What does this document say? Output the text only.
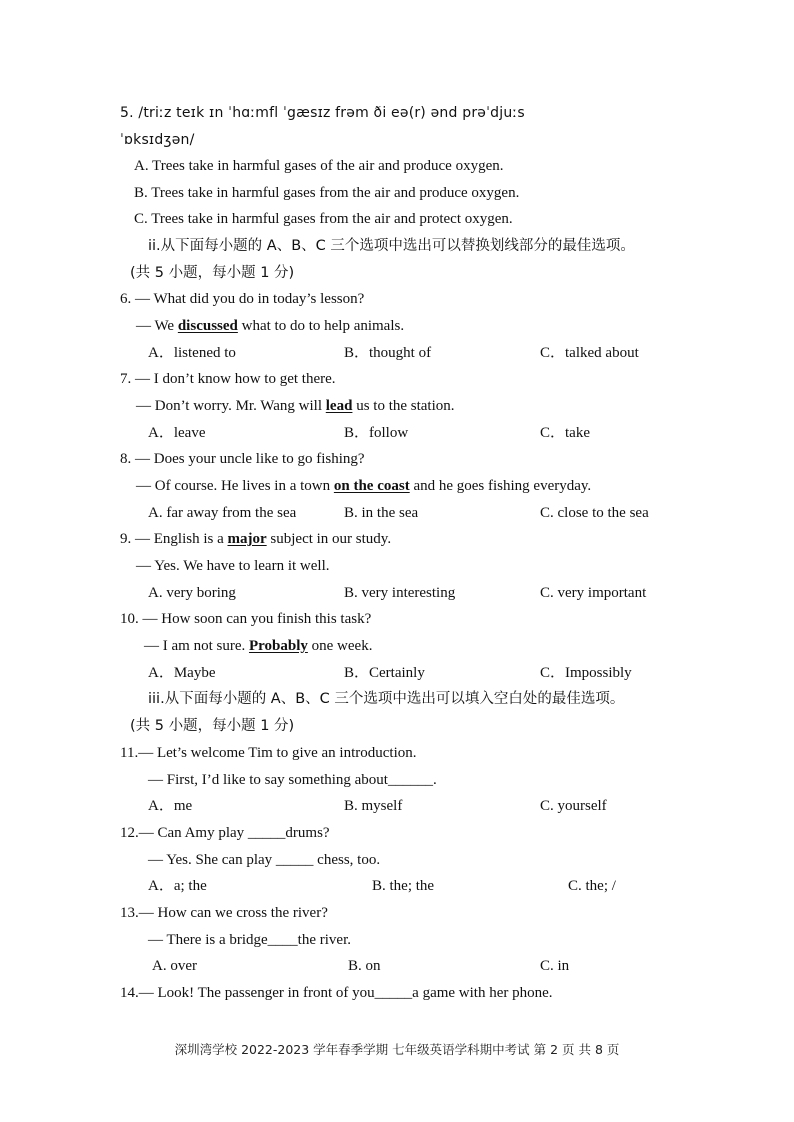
5. /triːz teɪk ɪn ˈhɑːmfl ˈgæsɪz frəm ði eə(r) ənd prəˈdjuːs
ˈɒksɪdʒən/
A. Trees take in harmful gases of the air and produce oxygen.
B. Trees take in harmful gases from the air and produce oxygen.
C. Trees take in harmful gases from the air and protect oxygen.
ii.从下面每小题的 A、B、C 三个选项中选出可以替换划线部分的最佳选项。
(共 5 小题，每小题 1 分)
6. — What did you do in today’s lesson?
— We discussed what to do to help animals.
A．listened to	B．thought of	C．talked about
7. — I don’t know how to get there.
— Don’t worry. Mr. Wang will lead us to the station.
A．leave	B．follow	C．take
8. — Does your uncle like to go fishing?
— Of course. He lives in a town on the coast and he goes fishing everyday.
A. far away from the sea	B. in the sea	C. close to the sea
9. — English is a major subject in our study.
— Yes. We have to learn it well.
A. very boring	B. very interesting	C. very important
10. — How soon can you finish this task?
— I am not sure. Probably one week.
A．Maybe	B．Certainly	C．Impossibly
iii.从下面每小题的 A、B、C 三个选项中选出可以填入空白处的最佳选项。
(共 5 小题，每小题 1 分)
11.— Let’s welcome Tim to give an introduction.
— First, I’d like to say something about______.
A．me	B. myself	C. yourself
12.— Can Amy play _____drums?
— Yes. She can play _____ chess, too.
A．a; the	B. the; the	C. the; /
13.— How can we cross the river?
— There is a bridge____the river.
A. over	B. on	C. in
14.— Look! The passenger in front of you_____a game with her phone.
深圳湾学校 2022-2023 学年春季学期 七年级英语学科期中考试 第 2 页 共 8 页
